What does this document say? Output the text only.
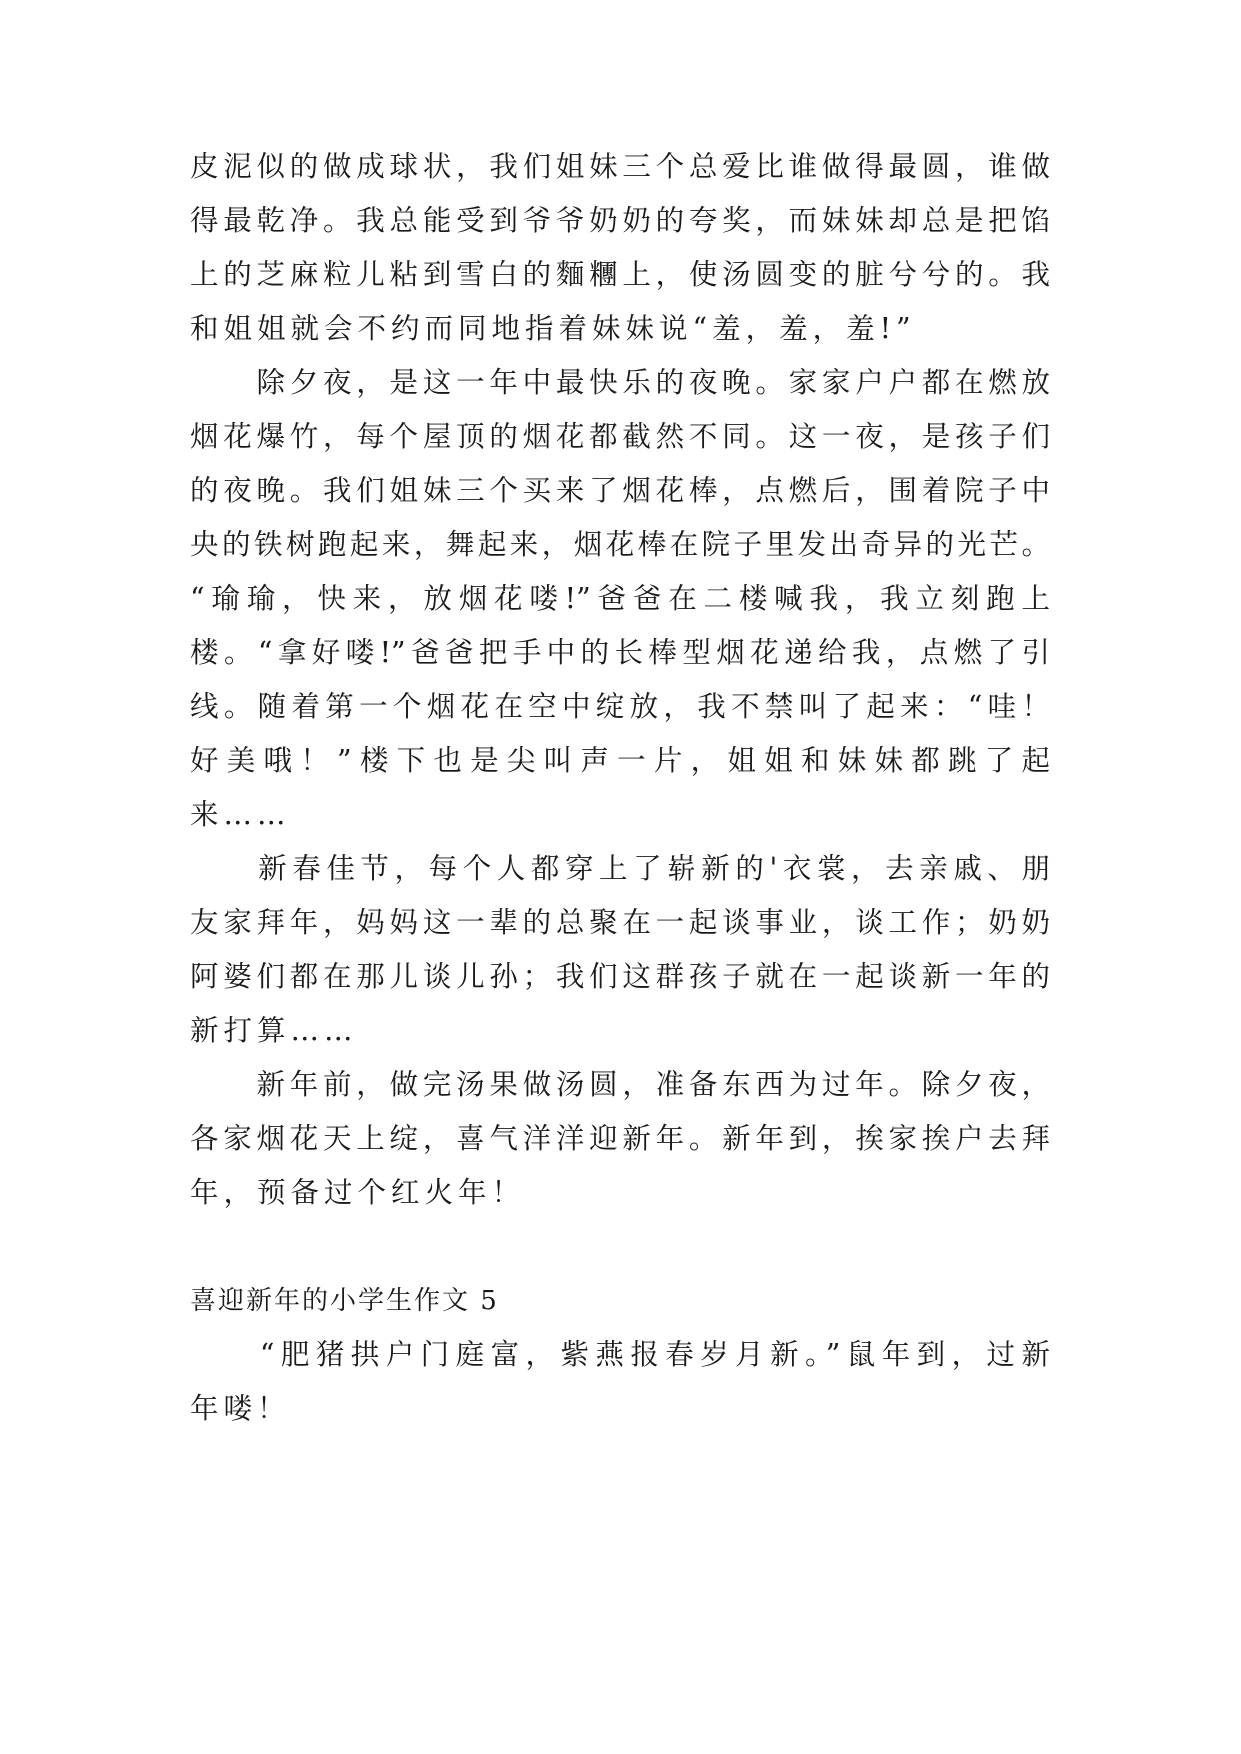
皮泥似的做成球状，我们姐妹三个总爱比谁做得最圆，谁做
得最乾净。我总能受到爷爷奶奶的夸奖，而妹妹却总是把馅
上的芝麻粒儿粘到雪白的麵糰上，使汤圆变的脏兮兮的。我
和姐姐就会不约而同地指着妹妹说“羞，羞，羞!”
　　除夕夜，是这一年中最快乐的夜晚。家家户户都在燃放
烟花爆竹，每个屋顶的烟花都截然不同。这一夜，是孩子们
的夜晚。我们姐妹三个买来了烟花棒，点燃后，围着院子中
央的铁树跑起来，舞起来，烟花棒在院子里发出奇异的光芒。
“瑜瑜，快来，放烟花喽!”爸爸在二楼喊我，我立刻跑上
楼。“拿好喽!”爸爸把手中的长棒型烟花递给我，点燃了引
线。随着第一个烟花在空中绽放，我不禁叫了起来：“哇！
好美哦！”楼下也是尖叫声一片，姐姐和妹妹都跳了起
来……
　　新春佳节，每个人都穿上了崭新的'衣裳，去亲戚、朋
友家拜年，妈妈这一辈的总聚在一起谈事业，谈工作；奶奶
阿婆们都在那儿谈儿孙；我们这群孩子就在一起谈新一年的
新打算……
　　新年前，做完汤果做汤圆，准备东西为过年。除夕夜，
各家烟花天上绽，喜气洋洋迎新年。新年到，挨家挨户去拜
年，预备过个红火年！
喜迎新年的小学生作文 5
　　“肥猪拱户门庭富，紫燕报春岁月新。”鼠年到，过新
年喽！
